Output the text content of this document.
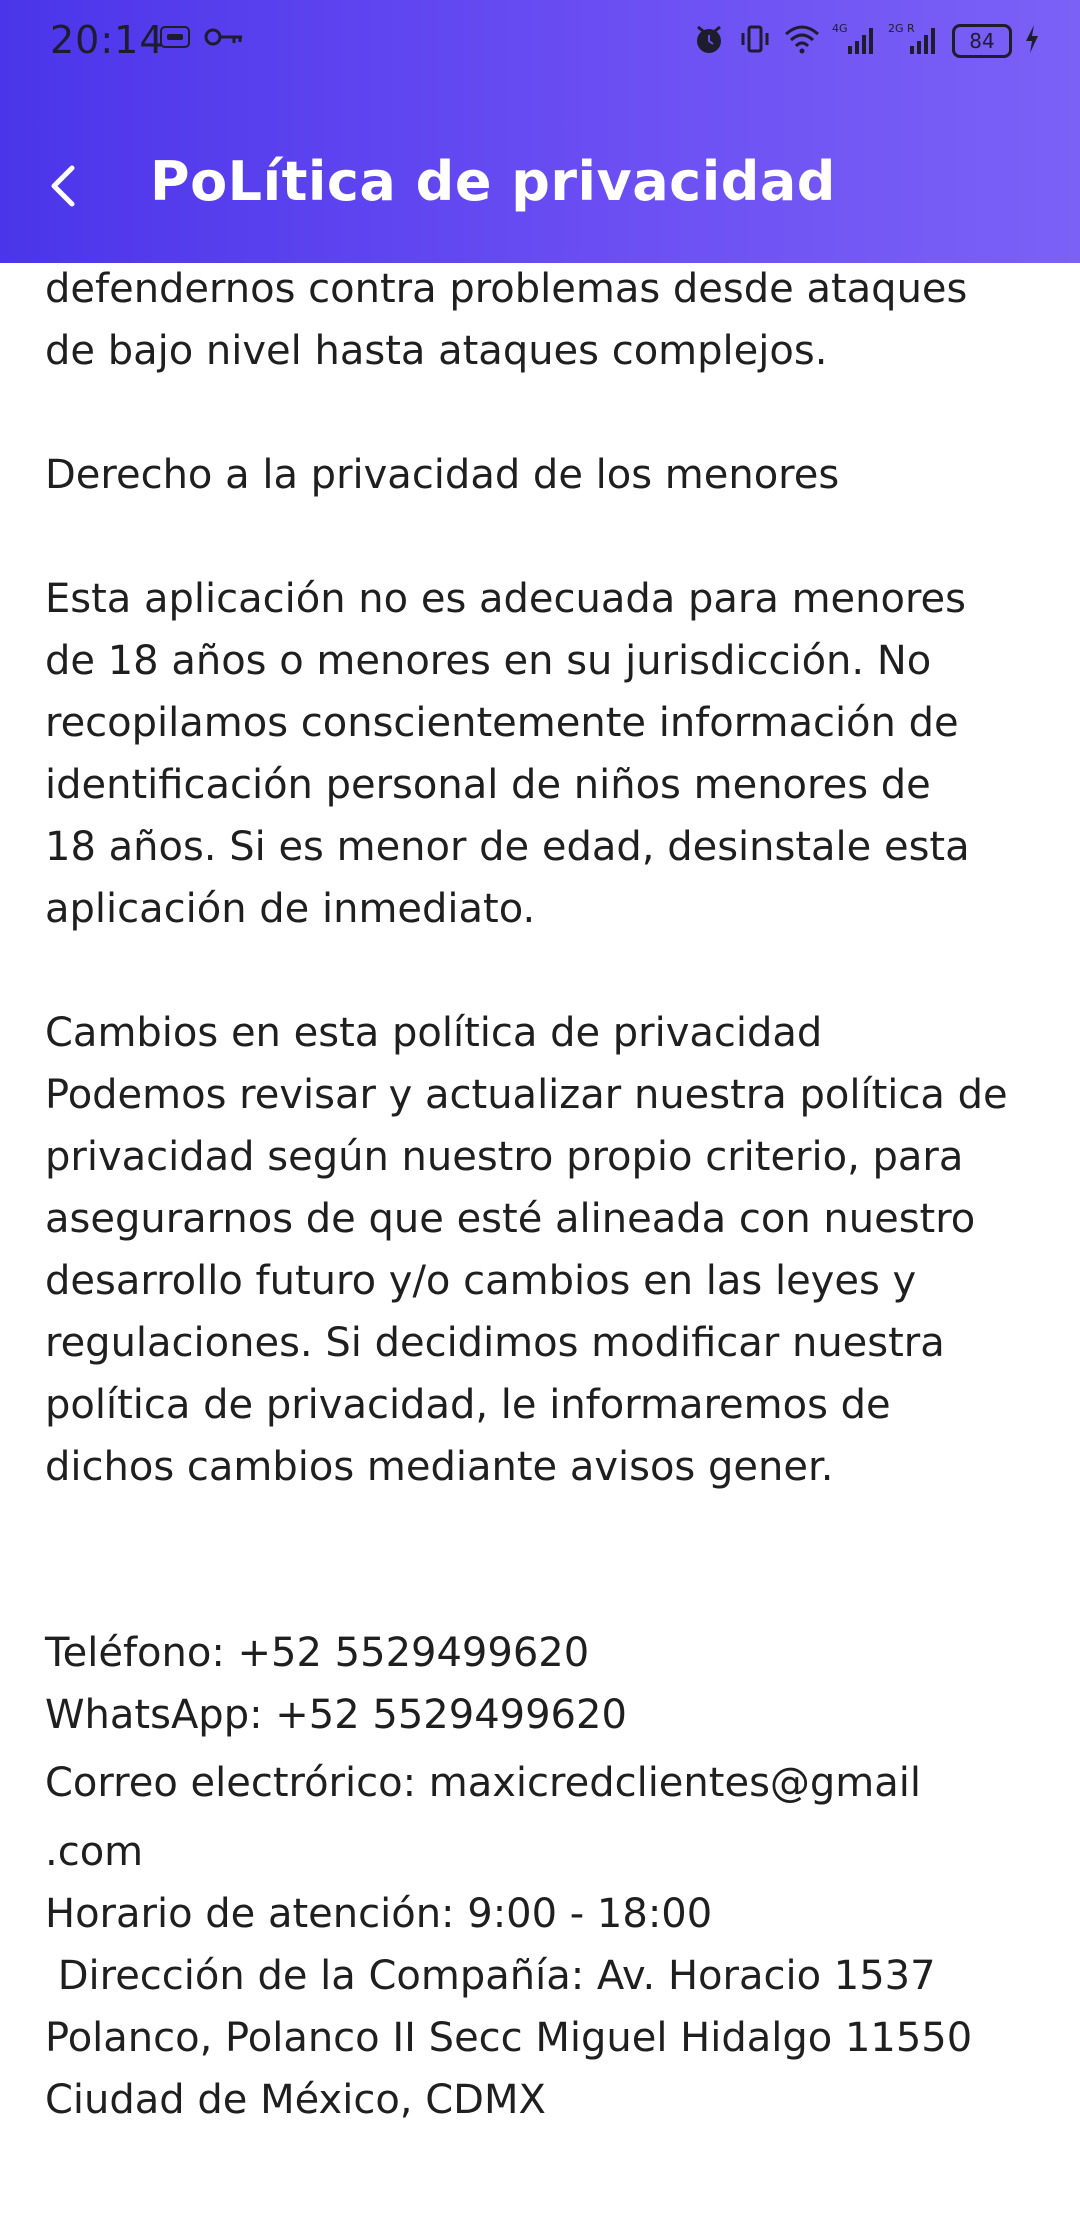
20:14	4G	2G R
84
PoLítica de privacidad

defendernos contra problemas desde ataques

de bajo nivel hasta ataques complejos.

Derecho a la privacidad de los menores

Esta aplicación no es adecuada para menores

de 18 años o menores en su jurisdicción. No

recopilamos conscientemente información de

identificación personal de niños menores de

18 años. Si es menor de edad, desinstale esta

aplicación de inmediato.

Cambios en esta política de privacidad

Podemos revisar y actualizar nuestra política de

privacidad según nuestro propio criterio, para

asegurarnos de que esté alineada con nuestro

desarrollo futuro y/o cambios en las leyes y

regulaciones. Si decidimos modificar nuestra

política de privacidad, le informaremos de

dichos cambios mediante avisos gener.

Teléfono: +52 5529499620

WhatsApp: +52 5529499620

Correo electrórico: maxicredclientes@gmail

.com

Horario de atención: 9:00 - 18:00

Dirección de la Compañía: Av. Horacio 1537

Polanco, Polanco II Secc Miguel Hidalgo 11550

Ciudad de México, CDMX
